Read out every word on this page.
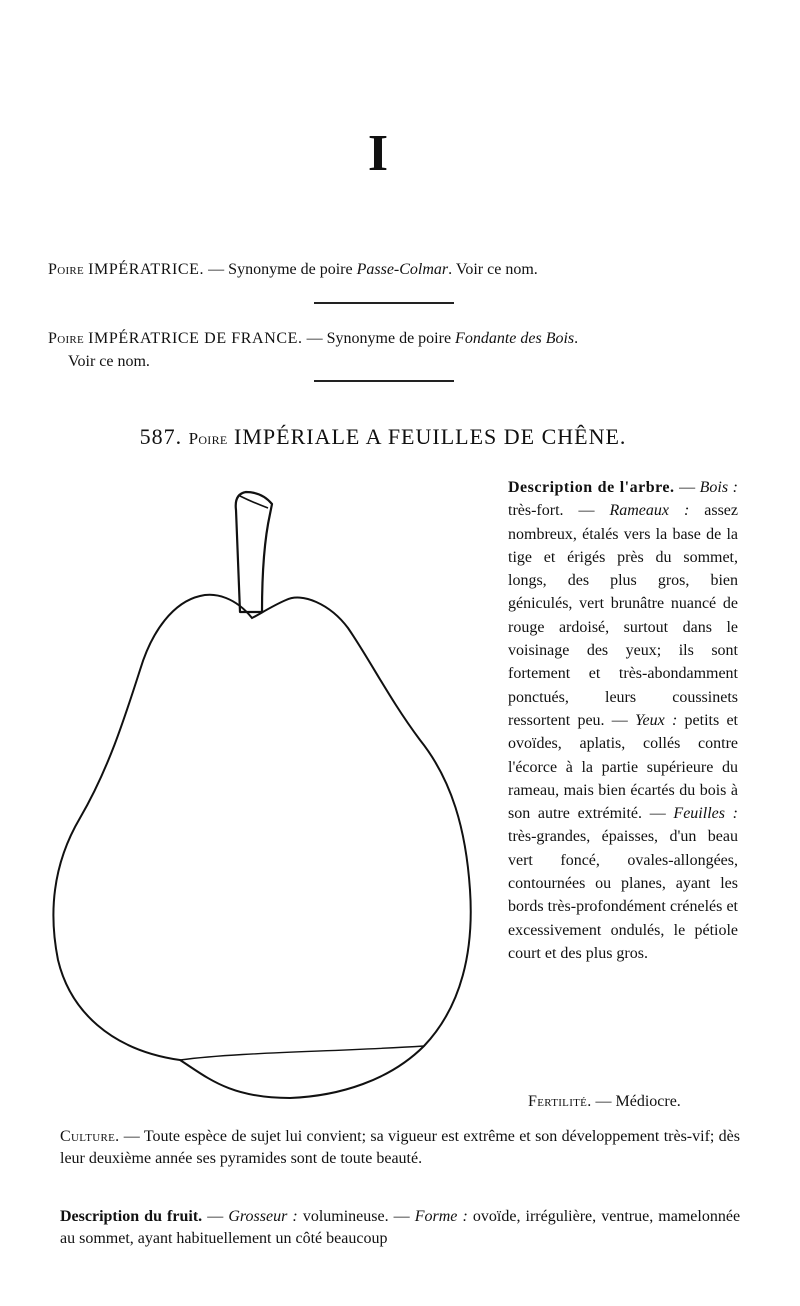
I
Poire IMPÉRATRICE. — Synonyme de poire Passe-Colmar. Voir ce nom.
Poire IMPÉRATRICE DE FRANCE. — Synonyme de poire Fondante des Bois.
Voir ce nom.
587. Poire IMPÉRIALE A FEUILLES DE CHÊNE.
Description de l'arbre. — Bois : très-fort. — Rameaux : assez nombreux, étalés vers la base de la tige et érigés près du sommet, longs, des plus gros, bien géniculés, vert brunâtre nuancé de rouge ardoisé, surtout dans le voisinage des yeux; ils sont fortement et très-abondamment ponctués, leurs coussinets ressortent peu. — Yeux : petits et ovoïdes, aplatis, collés contre l'écorce à la partie supérieure du rameau, mais bien écartés du bois à son autre extrémité. — Feuilles : très-grandes, épaisses, d'un beau vert foncé, ovales-allongées, contournées ou planes, ayant les bords très-profondément crénelés et excessivement ondulés, le pétiole court et des plus gros.
Fertilité. — Médiocre.
Culture. — Toute espèce de sujet lui convient; sa vigueur est extrême et son développement très-vif; dès leur deuxième année ses pyramides sont de toute beauté.
Description du fruit. — Grosseur : volumineuse. — Forme : ovoïde, irrégulière, ventrue, mamelonnée au sommet, ayant habituellement un côté beaucoup
